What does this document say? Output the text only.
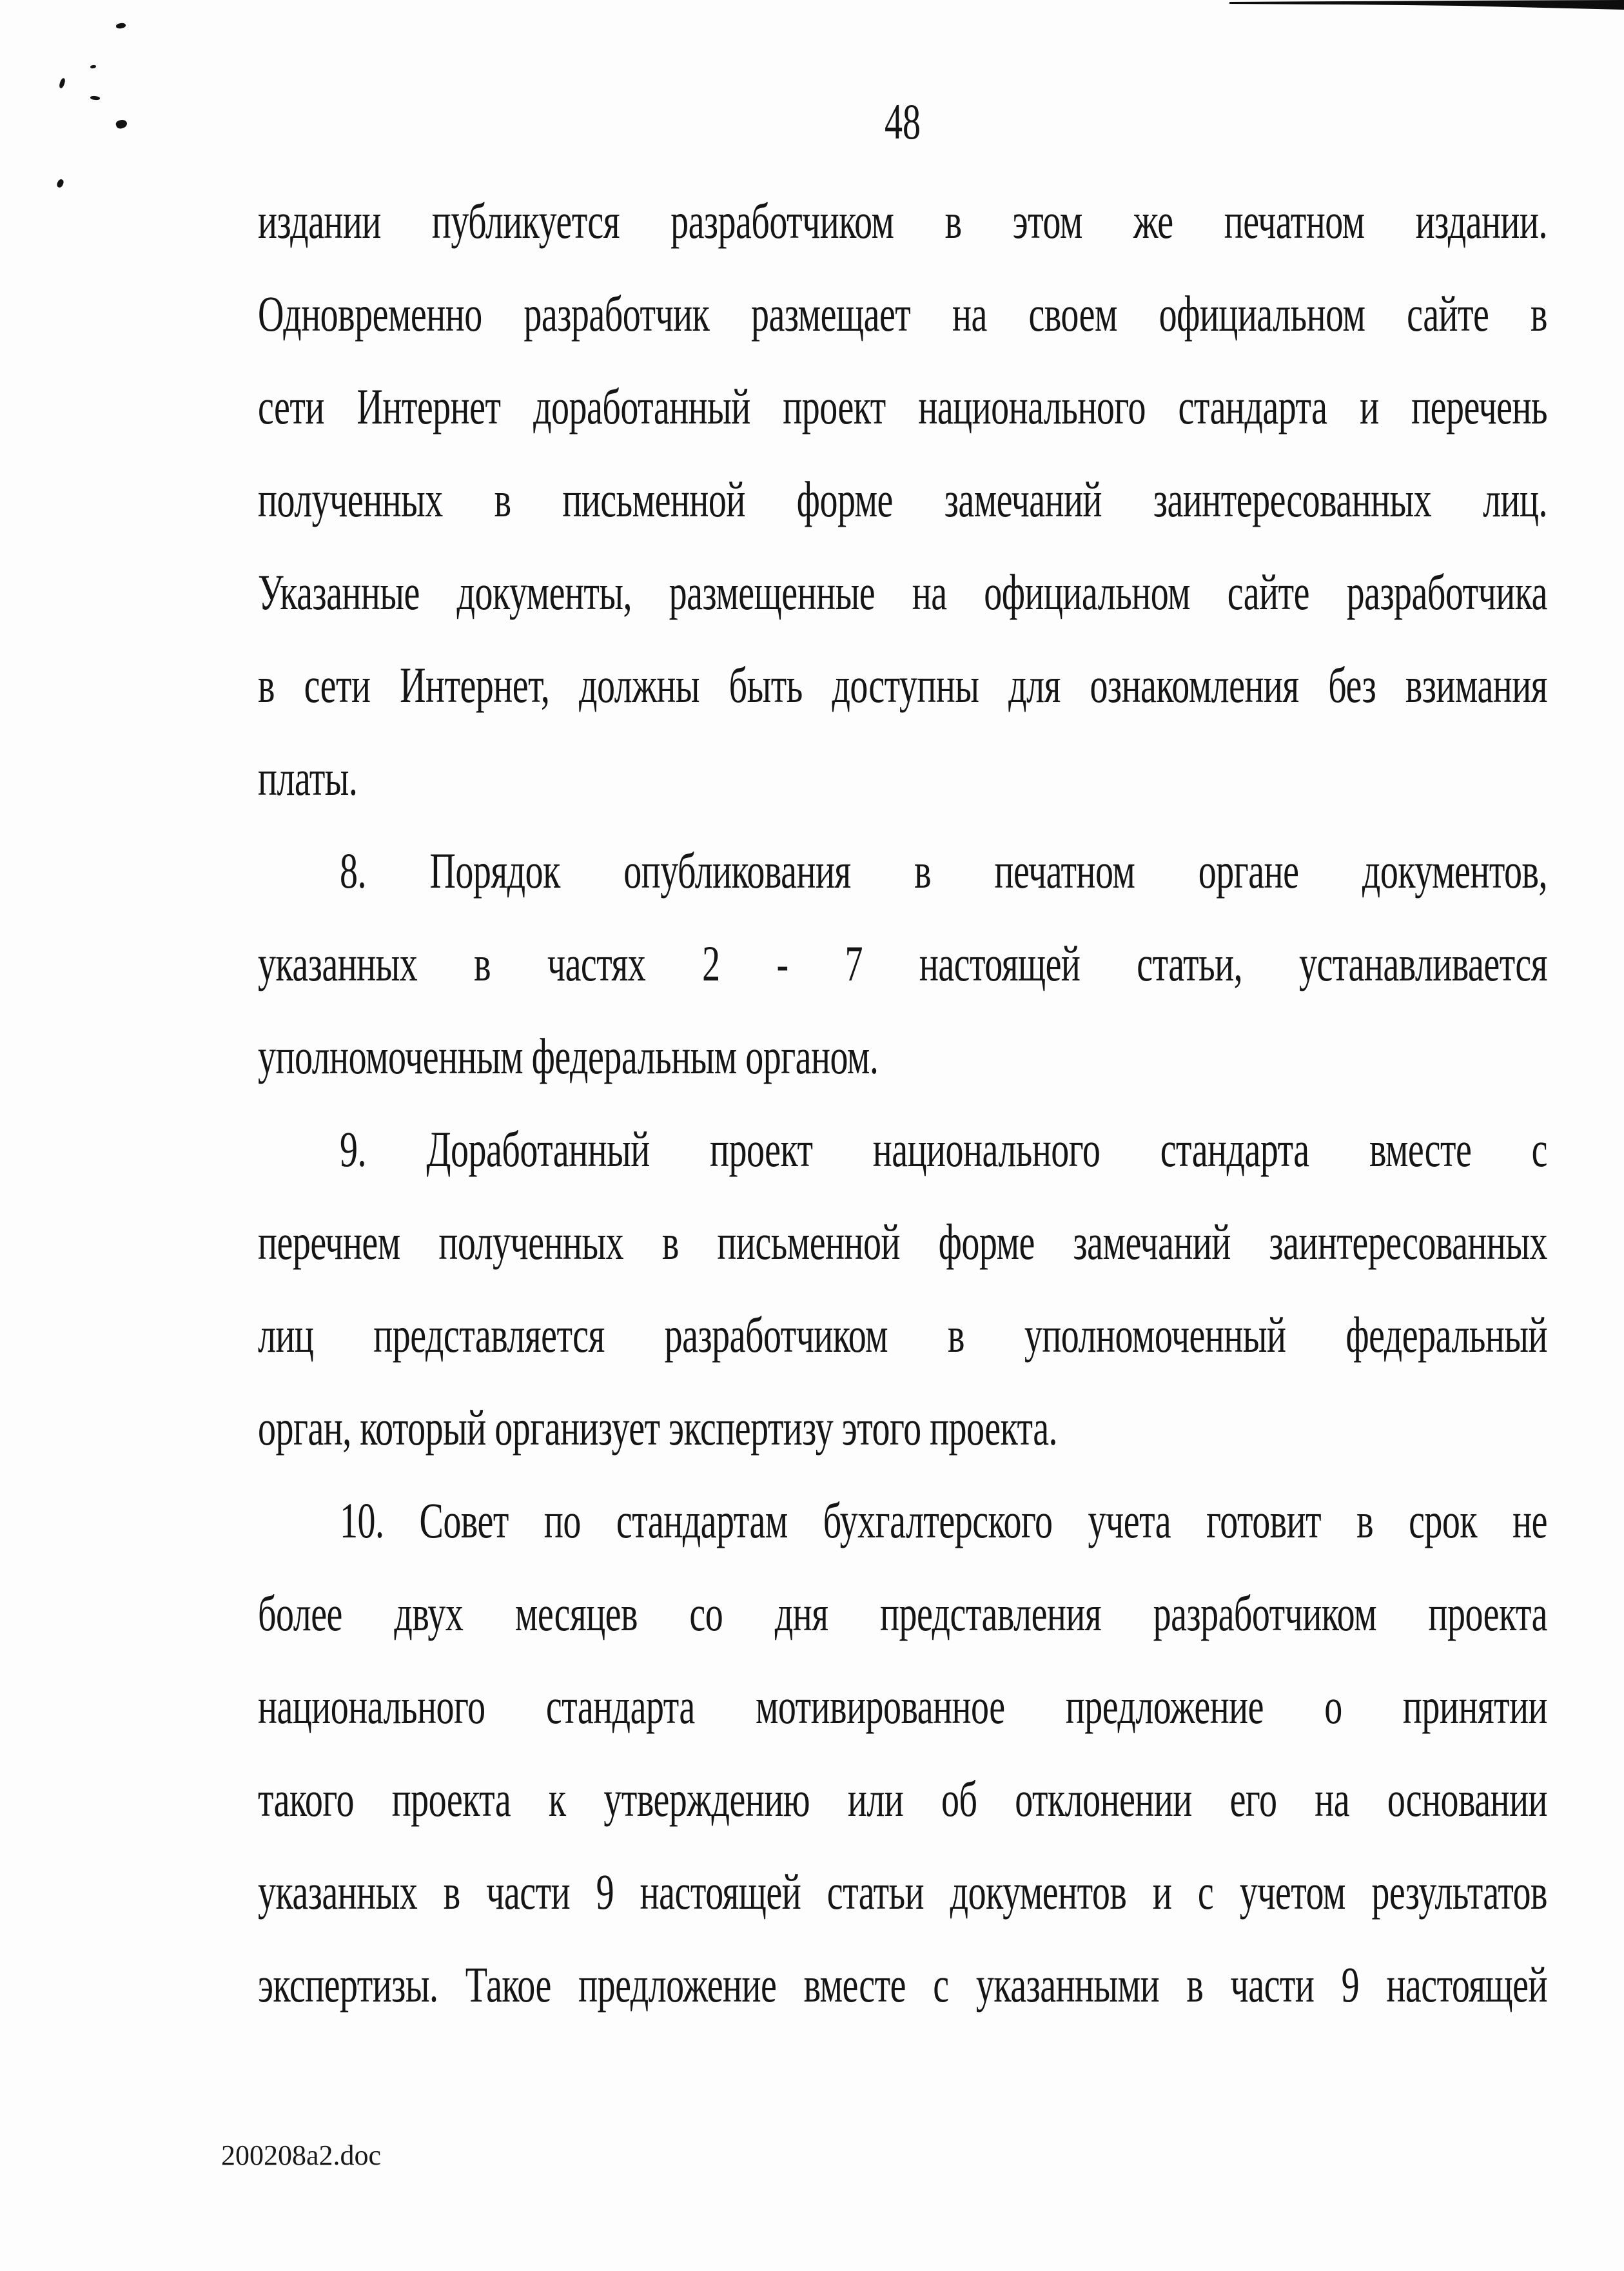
48
издании публикуется разработчиком в этом же печатном издании.
Одновременно разработчик размещает на своем официальном сайте в
сети Интернет доработанный проект национального стандарта и перечень
полученных в письменной форме замечаний заинтересованных лиц.
Указанные документы, размещенные на официальном сайте разработчика
в сети Интернет, должны быть доступны для ознакомления без взимания
платы.
8. Порядок опубликования в печатном органе документов,
указанных в частях 2 - 7 настоящей статьи, устанавливается
уполномоченным федеральным органом.
9. Доработанный проект национального стандарта вместе с
перечнем полученных в письменной форме замечаний заинтересованных
лиц представляется разработчиком в уполномоченный федеральный
орган, который организует экспертизу этого проекта.
10. Совет по стандартам бухгалтерского учета готовит в срок не
более двух месяцев со дня представления разработчиком проекта
национального стандарта мотивированное предложение о принятии
такого проекта к утверждению или об отклонении его на основании
указанных в части 9 настоящей статьи документов и с учетом результатов
экспертизы. Такое предложение вместе с указанными в части 9 настоящей
200208a2.doc
